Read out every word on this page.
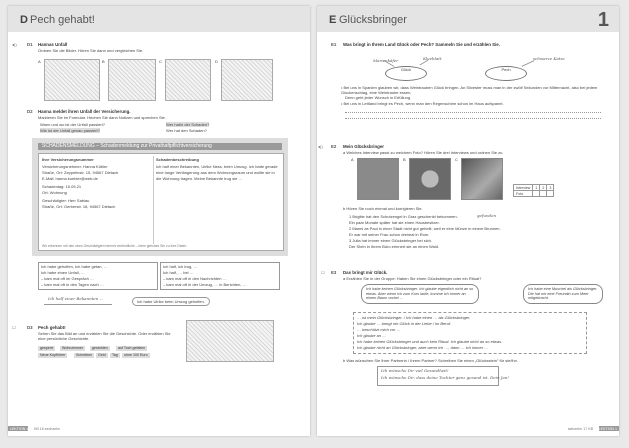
D Pech gehabt!
◂)) D1 Hannas Unfall
Ordnen Sie die Bilder. Hören Sie dann und vergleichen Sie.
A	B	C	D
D2 Hanna meldet ihren Unfall der Versicherung.
Markieren Sie im Formular. Hechen Sie dann Notizen und sprechen Sie.
Wann und wo ist der Unfall passiert?
Wie ist der Unfall genau passiert?
Wer hat/n der Schaden?
Wer hat den Schaden?
SCHADENSMELDUNG – Schadenmeldung zur Privathaftpflichtversicherung
Ihre Versicherungsnummer
Versicherungsnehmer: Hanna Kübler
Straße, Ort: Zeppelinstr. 15, 94567 Dietach
E-Mail: hanna.kuebler@web.de
Schadentag: 15.05.21
Ort: Wohnung
Geschädigter: Herr Sabiau
Straße, Ort: Gerberstr. 18, 94567 Dietach
Schadenbeschreibung
Ich half einer Bekannten, Ulrike Ness, beim Umzug. Ich hatte gerade eine lange Verlängerung aus dem Wohnungsraum und wollte sie in die Wohnung tragen. Meine Bekannte trug sie …
Wir erkennen mit den oben Geschädigten hiermit verbindliche – beim gleiches Sie zu Ihre Daten
Ich habe geholfen, Ich habe getan, …
Ich habe einen Unfall, …
– kam mal oft im Gespräch …
– kam mal oft in den Tagen nach …
Ich half, ich trug, …
Ich half, … bei …
– kam mal oft in den Nachrichten …
– kam mal oft in der Umzug, … in Berichten, …
Ich half einer Bekannten …
Ich habe Ulrike beim Umzug geholfen.
☐	D3 Pech gehabt!
Sehen Sie das Bild an und erzählen Sie die Geschichte. Oder erzählen Sie eine persönliche Geschichte.
gesperrt	Wohnzimmer	gestohlen	auf Toch gefallen
Neue Kopfhörer	Schreiben	Geld	Tag	ohne 100 Euro
LEKTION 1 KB 16 sechzehn
E Glücksbringer	1
E1 Was bringt in Ihrem Land Glück oder Pech? Sammeln Sie und erzählen Sie.
Marienkäfer	Kleeblatt	schwarze Katze
Glück	Pech
• Bei uns in Spanien glauben wir, dass Weintrauben Glück bringen. An Silvester muss man in der zwölf Sekunden vor Mitternacht, also bei jedem Glockenschlag, eine Weintraube essen.
Denn geht jeder Wunsch in Erfüllung.
• Bei uns in Lettland bringt es Pech, wenn man den Regenschirm schon im Haus aufspannt.
◂)) E2 Mein Glücksbringer
a Welches Interview passt zu welchem Foto? Hören Sie drei Interviews und ordnen Sie zu.
A	B	C
Interview	1	2	3
Foto			
b Hören Sie noch einmal und korrigieren Sie.
1 Brigitte hat den Schutzengel in Graz geschenkt bekommen.	gefunden
Ein paar Monate später hat sie einen Hausbesitzer.
2 Manni as Paul in einer Stadt nicht gut geheilt, weil er eine Münze in einem Brunnen.
Er war mit seiner Frau schon dreimal in Rom.
3 Julia hat immer einen Glücksbringer bei sich.
Der Stein in ihrem Büro erinnert sie an einen Wald.
☐ E3 Das bringt mir Glück.
a Erzählen Sie in der Gruppe: Haben Sie einen Glücksbringer oder ein Ritual?
Ich habe keinen Glücksbringer. Ich glaube eigentlich nicht an so etwas. Aber wenn ich zum Kurs laufe, komme ich immer an einem Baum vorbei …
Ich habe eine Muschel als Glücksbringer. Die hat mir eine Freundin zum Meer mitgebracht.
… ist mein Glücksbringer. / Ich habe einen … als Glücksbringer.
Ich glaube … bringt mir Glück in der Liebe / im Beruf.
… beschützt mich vor …
Ich glaube an …
Ich habe keinen Glücksbringer und auch kein Ritual. Ich glaube nicht an so etwas.
Ich glaube nicht an Glücksbringer, aber wenn ich …, dann … ich immer …
b Was wünschen Sie Ihrer Partnerin / Ihrem Partner? Schreiben Sie einen „Glücksstein" für sie/ihn.
Ich wünsche Dir viel Gesundheit!
Ich wünsche Dir, dass deine Tochter ganz gesund ist. Dein Jan!
siebzehn 17 KB LEKTION 1
